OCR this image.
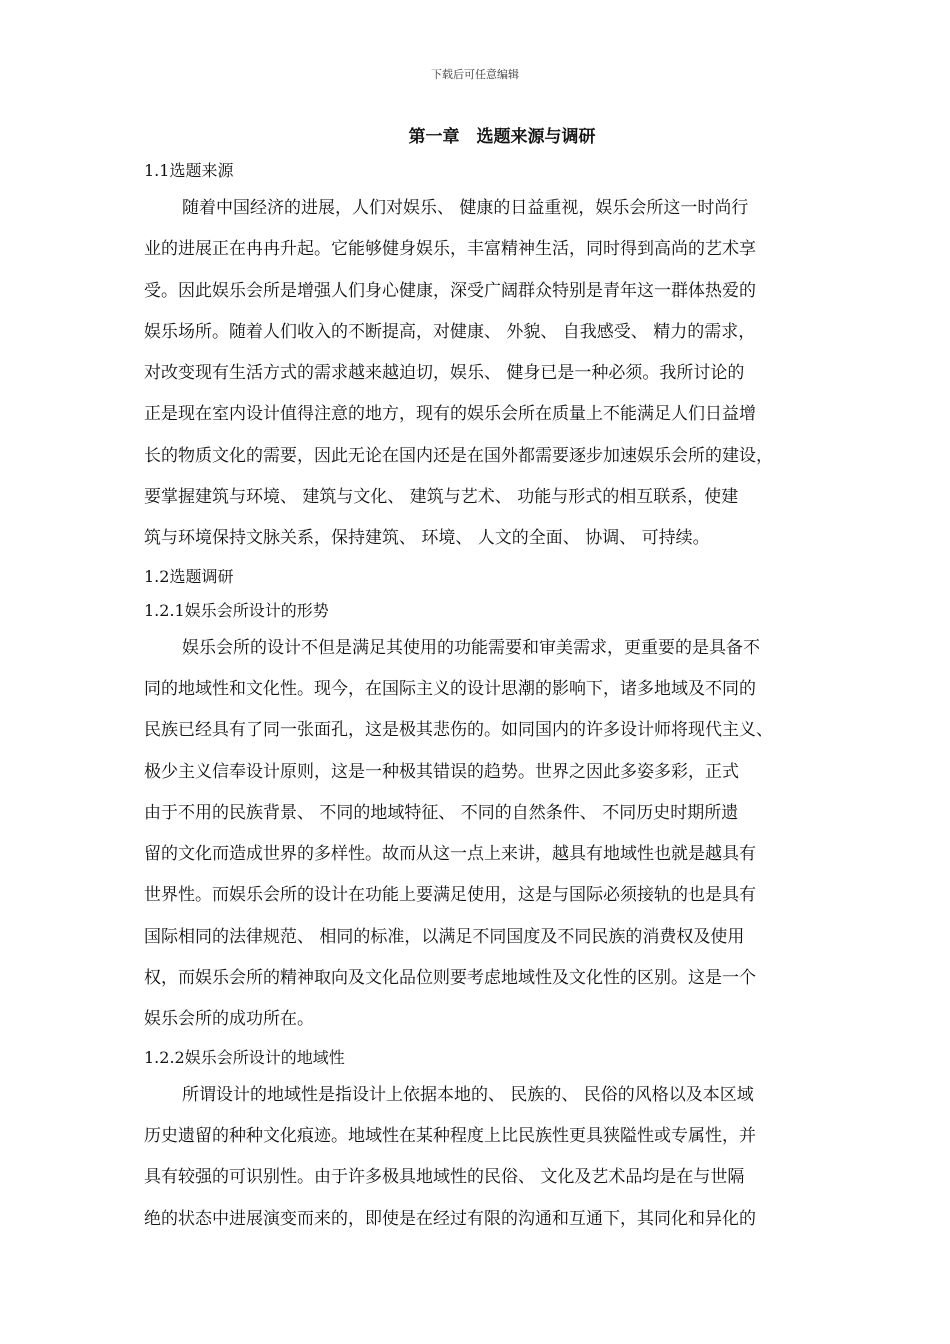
下载后可任意编辑
第一章　选题来源与调研
1.1选题来源
随着中国经济的进展，人们对娱乐、 健康的日益重视，娱乐会所这一时尚行
业的进展正在冉冉升起。它能够健身娱乐，丰富精神生活，同时得到高尚的艺术享
受。因此娱乐会所是增强人们身心健康，深受广阔群众特别是青年这一群体热爱的
娱乐场所。随着人们收入的不断提高，对健康、 外貌、 自我感受、 精力的需求，
对改变现有生活方式的需求越来越迫切，娱乐、 健身已是一种必须。我所讨论的
正是现在室内设计值得注意的地方，现有的娱乐会所在质量上不能满足人们日益增
长的物质文化的需要，因此无论在国内还是在国外都需要逐步加速娱乐会所的建设，
要掌握建筑与环境、 建筑与文化、 建筑与艺术、 功能与形式的相互联系，使建
筑与环境保持文脉关系，保持建筑、 环境、 人文的全面、 协调、 可持续。
1.2选题调研
1.2.1娱乐会所设计的形势
娱乐会所的设计不但是满足其使用的功能需要和审美需求，更重要的是具备不
同的地域性和文化性。现今，在国际主义的设计思潮的影响下，诸多地域及不同的
民族已经具有了同一张面孔，这是极其悲伤的。如同国内的许多设计师将现代主义、
极少主义信奉设计原则，这是一种极其错误的趋势。世界之因此多姿多彩，正式
由于不用的民族背景、 不同的地域特征、 不同的自然条件、 不同历史时期所遗
留的文化而造成世界的多样性。故而从这一点上来讲，越具有地域性也就是越具有
世界性。而娱乐会所的设计在功能上要满足使用，这是与国际必须接轨的也是具有
国际相同的法律规范、 相同的标准，以满足不同国度及不同民族的消费权及使用
权，而娱乐会所的精神取向及文化品位则要考虑地域性及文化性的区别。这是一个
娱乐会所的成功所在。
1.2.2娱乐会所设计的地域性
所谓设计的地域性是指设计上依据本地的、 民族的、 民俗的风格以及本区域
历史遗留的种种文化痕迹。地域性在某种程度上比民族性更具狭隘性或专属性，并
具有较强的可识别性。由于许多极具地域性的民俗、 文化及艺术品均是在与世隔
绝的状态中进展演变而来的，即使是在经过有限的沟通和互通下，其同化和异化的
